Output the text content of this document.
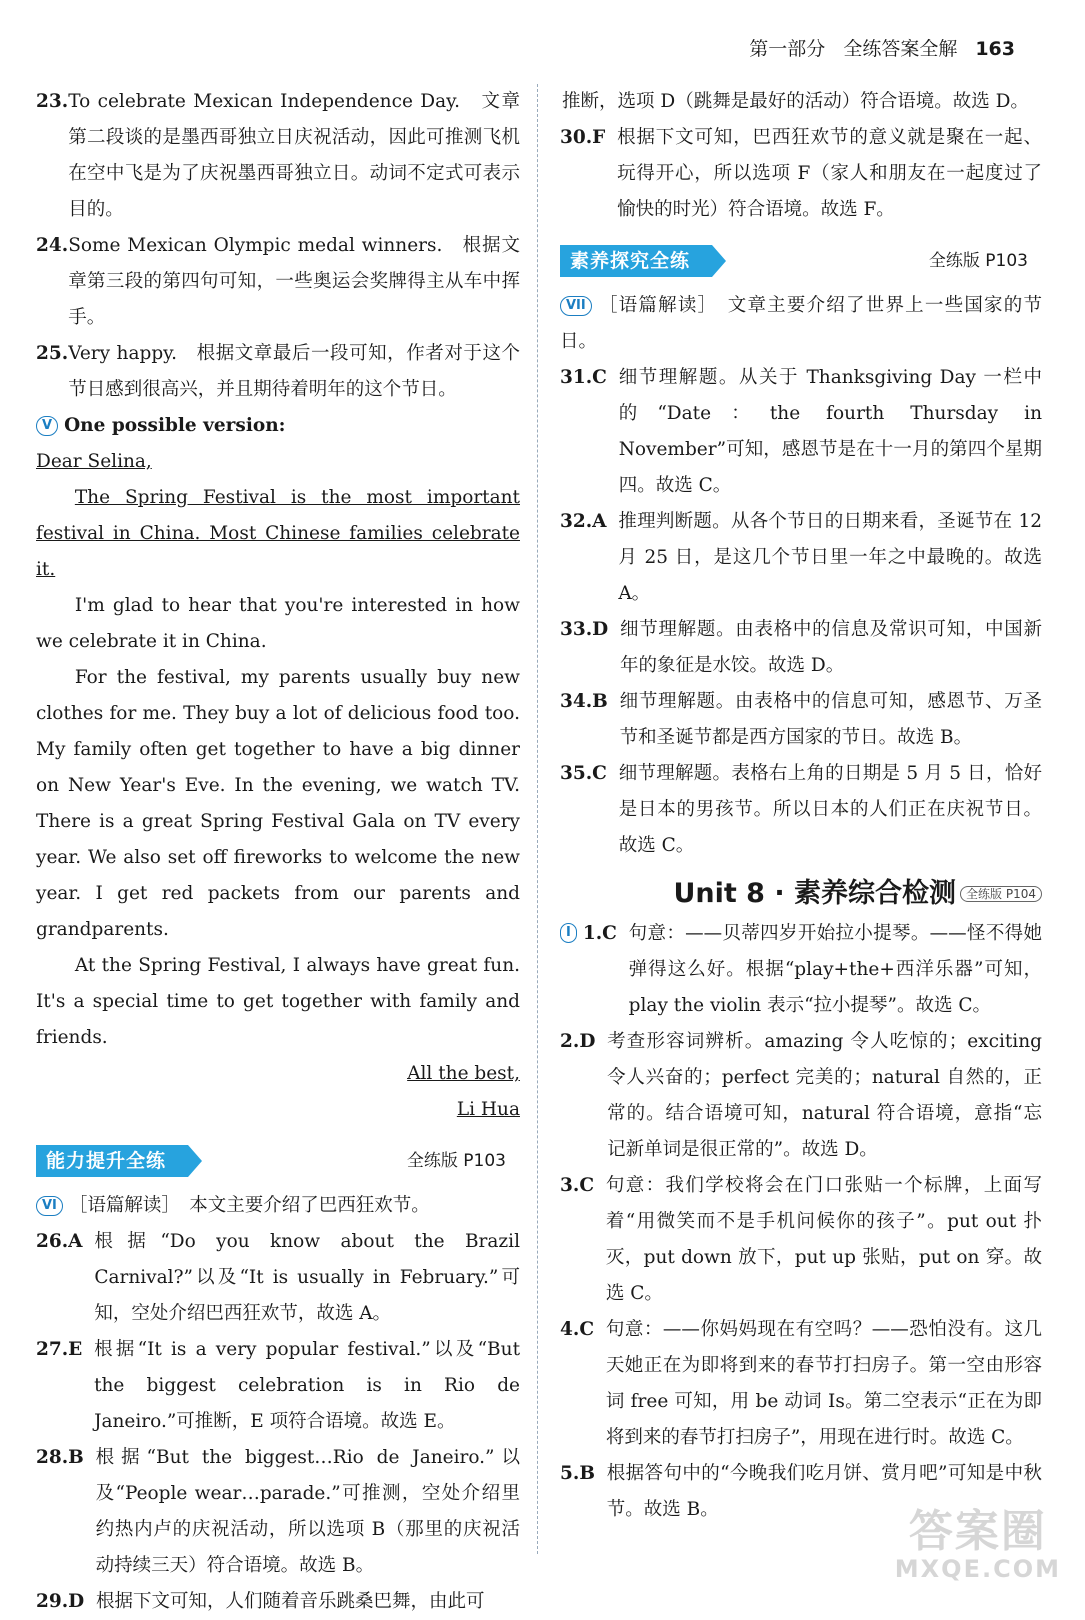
第一部分 全练答案全解 163
23. To celebrate Mexican Independence Day.　文章第二段谈的是墨西哥独立日庆祝活动，因此可推测飞机在空中飞是为了庆祝墨西哥独立日。动词不定式可表示目的。
24. Some Mexican Olympic medal winners.　根据文章第三段的第四句可知，一些奥运会奖牌得主从车中挥手。
25. Very happy.　根据文章最后一段可知，作者对于这个节日感到很高兴，并且期待着明年的这个节日。

V One possible version:

Dear Selina,

The Spring Festival is the most important festival in China. Most Chinese families celebrate it.

I'm glad to hear that you're interested in how we celebrate it in China.

For the festival, my parents usually buy new clothes for me. They buy a lot of delicious food too. My family often get together to have a big dinner on New Year's Eve. In the evening, we watch TV. There is a great Spring Festival Gala on TV every year. We also set off fireworks to welcome the new year. I get red packets from our parents and grandparents.

At the Spring Festival, I always have great fun. It's a special time to get together with family and friends.

All the best,

Li Hua

能力提升全练	全练版 P103

VI ［语篇解读］　 本文主要介绍了巴西狂欢节。

26.A
根据“Do you know about the Brazil Carnival?”以及“It is usually in February.”可知，空处介绍巴西狂欢节，故选 A。
27.E
根据“It is a very popular festival.”以及“But the biggest celebration is in Rio de Janeiro.”可推断，E 项符合语境。故选 E。
28.B
根据“But the biggest…Rio de Janeiro.”以及“People wear…parade.”可推测，空处介绍里约热内卢的庆祝活动，所以选项 B（那里的庆祝活动持续三天）符合语境。故选 B。
29.D
根据下文可知，人们随着音乐跳桑巴舞，由此可

推断，选项 D（跳舞是最好的活动）符合语境。故选 D。

30.F
根据下文可知，巴西狂欢节的意义就是聚在一起、玩得开心，所以选项 F（家人和朋友在一起度过了愉快的时光）符合语境。故选 F。
素养探究全练	全练版 P103

VII ［语篇解读］　 文章主要介绍了世界上一些国家的节日。

31.C
细节理解题。从关于 Thanksgiving Day 一栏中的“Date：the fourth Thursday in November”可知，感恩节是在十一月的第四个星期四。故选 C。
32.A
推理判断题。从各个节日的日期来看，圣诞节在 12 月 25 日，是这几个节日里一年之中最晚的。故选 A。
33.D
细节理解题。由表格中的信息及常识可知，中国新年的象征是水饺。故选 D。
34.B
细节理解题。由表格中的信息可知，感恩节、万圣节和圣诞节都是西方国家的节日。故选 B。
35.C
细节理解题。表格右上角的日期是 5 月 5 日，恰好是日本的男孩节。所以日本的人们正在庆祝节日。故选 C。
Unit 8 · 素养综合检测 全练版 P104
I 1.C
句意：——贝蒂四岁开始拉小提琴。——怪不得她弹得这么好。根据“play+the+西洋乐器”可知，play the violin 表示“拉小提琴”。故选 C。
2.D
考查形容词辨析。amazing 令人吃惊的；exciting 令人兴奋的；perfect 完美的；natural 自然的，正常的。结合语境可知，natural 符合语境，意指“忘记新单词是很正常的”。故选 D。
3.C
句意：我们学校将会在门口张贴一个标牌，上面写着“用微笑而不是手机问候你的孩子”。put out 扑灭，put down 放下，put up 张贴，put on 穿。故选 C。
4.C
句意：——你妈妈现在有空吗？——恐怕没有。这几天她正在为即将到来的春节打扫房子。第一空由形容词 free 可知，用 be 动词 Is。第二空表示“正在为即将到来的春节打扫房子”，用现在进行时。故选 C。
5.B
根据答句中的“今晚我们吃月饼、赏月吧”可知是中秋节。故选 B。	答案圈
MXQE.COM
